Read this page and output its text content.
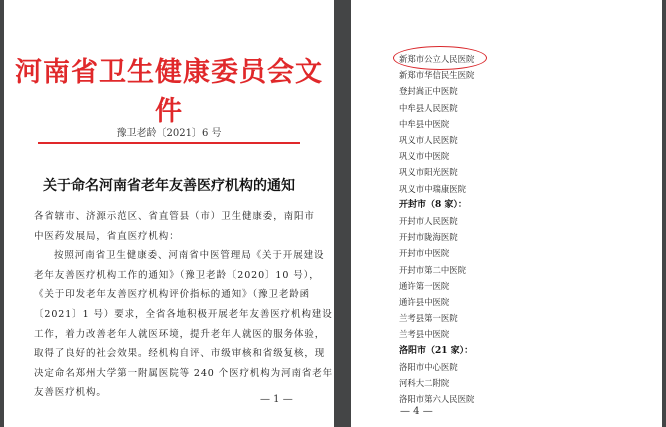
河南省卫生健康委员会文件
豫卫老龄〔2021〕6 号
关于命名河南省老年友善医疗机构的通知
各省辖市、济源示范区、省直管县（市）卫生健康委，南阳市
中医药发展局，省直医疗机构：
按照河南省卫生健康委、河南省中医管理局《关于开展建设
老年友善医疗机构工作的通知》（豫卫老龄〔2020〕10 号），
《关于印发老年友善医疗机构评价指标的通知》（豫卫老龄函
〔2021〕1 号）要求，全省各地积极开展老年友善医疗机构建设
工作，着力改善老年人就医环境，提升老年人就医的服务体验，
取得了良好的社会效果。经机构自评、市级审核和省级复核，现
决定命名郑州大学第一附属医院等 240 个医疗机构为河南省老年
友善医疗机构。
— 1 —
新郑市公立人民医院
新郑市华信民生医院
登封嵩正中医院
中牟县人民医院
中牟县中医院
巩义市人民医院
巩义市中医院
巩义市阳光医院
巩义市中瑞康医院
开封市（8 家）：
开封市人民医院
开封市陇海医院
开封市中医院
开封市第二中医院
通许第一医院
通许县中医院
兰考县第一医院
兰考县中医院
洛阳市（21 家）：
洛阳市中心医院
河科大二附院
洛阳市第六人民医院
— 4 —
